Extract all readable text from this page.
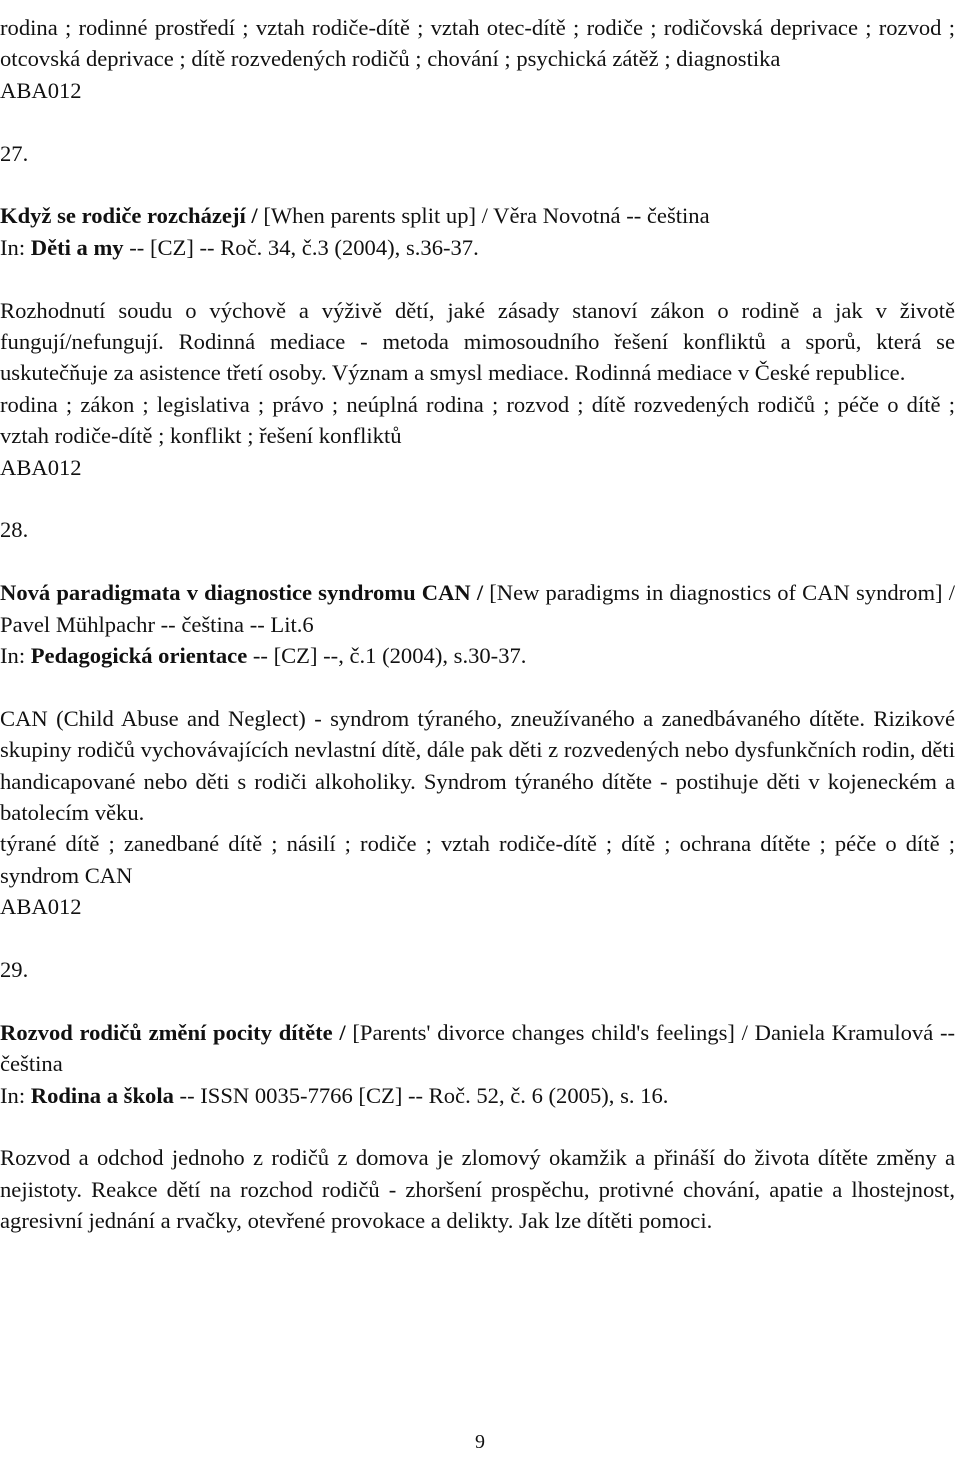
rodina ; rodinné prostředí ; vztah rodiče-dítě ; vztah otec-dítě ; rodiče ; rodičovská deprivace ; rozvod ; otcovská deprivace ; dítě rozvedených rodičů ; chování ; psychická zátěž ; diagnostika

ABA012

27.

Když se rodiče rozcházejí / [When parents split up] / Věra Novotná -- čeština

In: Děti a my -- [CZ] -- Roč. 34, č.3 (2004), s.36-37.

Rozhodnutí soudu o výchově a výživě dětí, jaké zásady stanoví zákon o rodině a jak v životě fungují/nefungují. Rodinná mediace - metoda mimosoudního řešení konfliktů a sporů, která se uskutečňuje za asistence třetí osoby. Význam a smysl mediace. Rodinná mediace v České republice.

rodina ; zákon ; legislativa ; právo ; neúplná rodina ; rozvod ; dítě rozvedených rodičů ; péče o dítě ; vztah rodiče-dítě ; konflikt ; řešení konfliktů

ABA012

28.

Nová paradigmata v diagnostice syndromu CAN / [New paradigms in diagnostics of CAN syndrom] / Pavel Mühlpachr -- čeština -- Lit.6

In: Pedagogická orientace -- [CZ] --, č.1 (2004), s.30-37.

CAN (Child Abuse and Neglect) - syndrom týraného, zneužívaného a zanedbávaného dítěte. Rizikové skupiny rodičů vychovávajících nevlastní dítě, dále pak děti z rozvedených nebo dysfunkčních rodin, děti handicapované nebo děti s rodiči alkoholiky. Syndrom týraného dítěte - postihuje děti v kojeneckém a batolecím věku.

týrané dítě ; zanedbané dítě ; násilí ; rodiče ; vztah rodiče-dítě ; dítě ; ochrana dítěte ; péče o dítě ; syndrom CAN

ABA012

29.

Rozvod rodičů změní pocity dítěte / [Parents' divorce changes child's feelings] / Daniela Kramulová -- čeština

In: Rodina a škola -- ISSN 0035-7766 [CZ] -- Roč. 52, č. 6 (2005), s. 16.

Rozvod a odchod jednoho z rodičů z domova je zlomový okamžik a přináší do života dítěte změny a nejistoty. Reakce dětí na rozchod rodičů - zhoršení prospěchu, protivné chování, apatie a lhostejnost, agresivní jednání a rvačky, otevřené provokace a delikty. Jak lze dítěti pomoci.

9
